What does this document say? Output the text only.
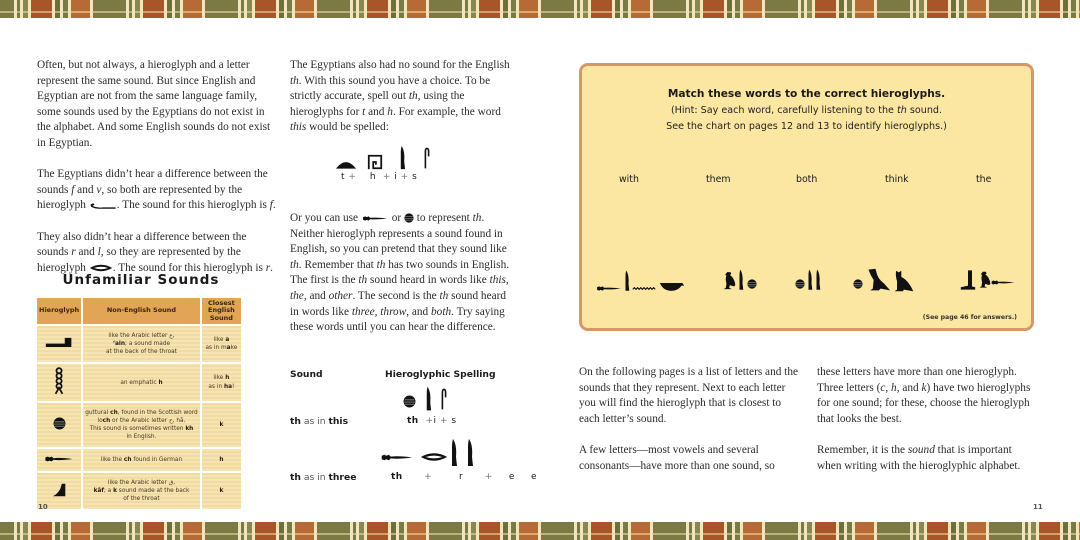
Often, but not always, a hieroglyph and a letter represent the same sound. But since English and Egyptian are not from the same language family, some sounds used by the Egyptians do not exist in the alphabet. And some English sounds do not exist in Egyptian.

The Egyptians didn’t hear a difference between the sounds f and v, so both are represented by the hieroglyph . The sound for this hieroglyph is f.

They also didn’t hear a difference between the sounds r and l, so they are represented by the hieroglyph . The sound for this hieroglyph is r.

Unfamiliar Sounds
Hieroglyph	Non-English Sound	Closest English Sound
	like the Arabic letter ع,
‘ain; a sound made
at the back of the throat	like a
as in make
	an emphatic h	like h
as in ha!
	guttural ch, found in the Scottish word
loch or the Arabic letter ح, hā.
This sound is sometimes written kh
in English.	k
	like the ch found in German	h
	like the Arabic letter ق,
kāf; a k sound made at the back
of the throat	k
10

The Egyptians also had no sound for the English th. With this sound you have a choice. To be strictly accurate, spell out th, using the hieroglyphs for t and h. For example, the word this would be spelled:

t + h + i + s

Or you can use  or  to represent th. Neither hieroglyph represents a sound found in English, so you can pretend that they sound like th. Remember that th has two sounds in English. The first is the th sound heard in words like this, the, and other. The second is the th sound heard in words like three, throw, and both. Try saying these words until you can hear the difference.

Sound	Hieroglyphic Spelling
th as in this	th +i + s
th as in three	th +	r + e e
Match these words to the correct hieroglyphs.
(Hint: Say each word, carefully listening to the th sound.
See the chart on pages 12 and 13 to identify hieroglyphs.)
with	them	both	think	the
(See page 46 for answers.)

On the following pages is a list of letters and the sounds that they represent. Next to each letter you will find the hieroglyph that is closest to each letter’s sound.

A few letters—most vowels and several consonants—have more than one sound, so

these letters have more than one hieroglyph. Three letters (c, h, and k) have two hieroglyphs for one sound; for these, choose the hieroglyph that looks the best.

Remember, it is the sound that is important when writing with the hieroglyphic alphabet.

11
